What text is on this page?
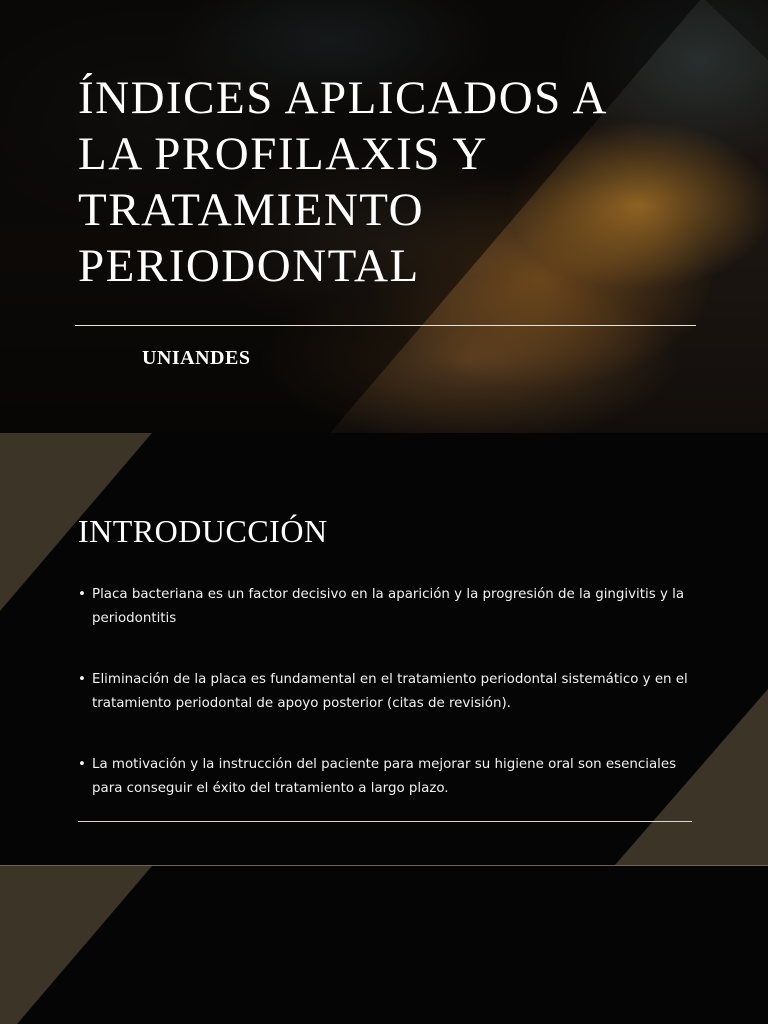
ÍNDICES APLICADOS A LA PROFILAXIS Y TRATAMIENTO PERIODONTAL

UNIANDES

INTRODUCCIÓN
• Placa bacteriana es un factor decisivo en la aparición y la progresión de la gingivitis y la periodontitis
• Eliminación de la placa es fundamental en el tratamiento periodontal sistemático y en el tratamiento periodontal de apoyo posterior (citas de revisión).
• La motivación y la instrucción del paciente para mejorar su higiene oral son esenciales para conseguir el éxito del tratamiento a largo plazo.
